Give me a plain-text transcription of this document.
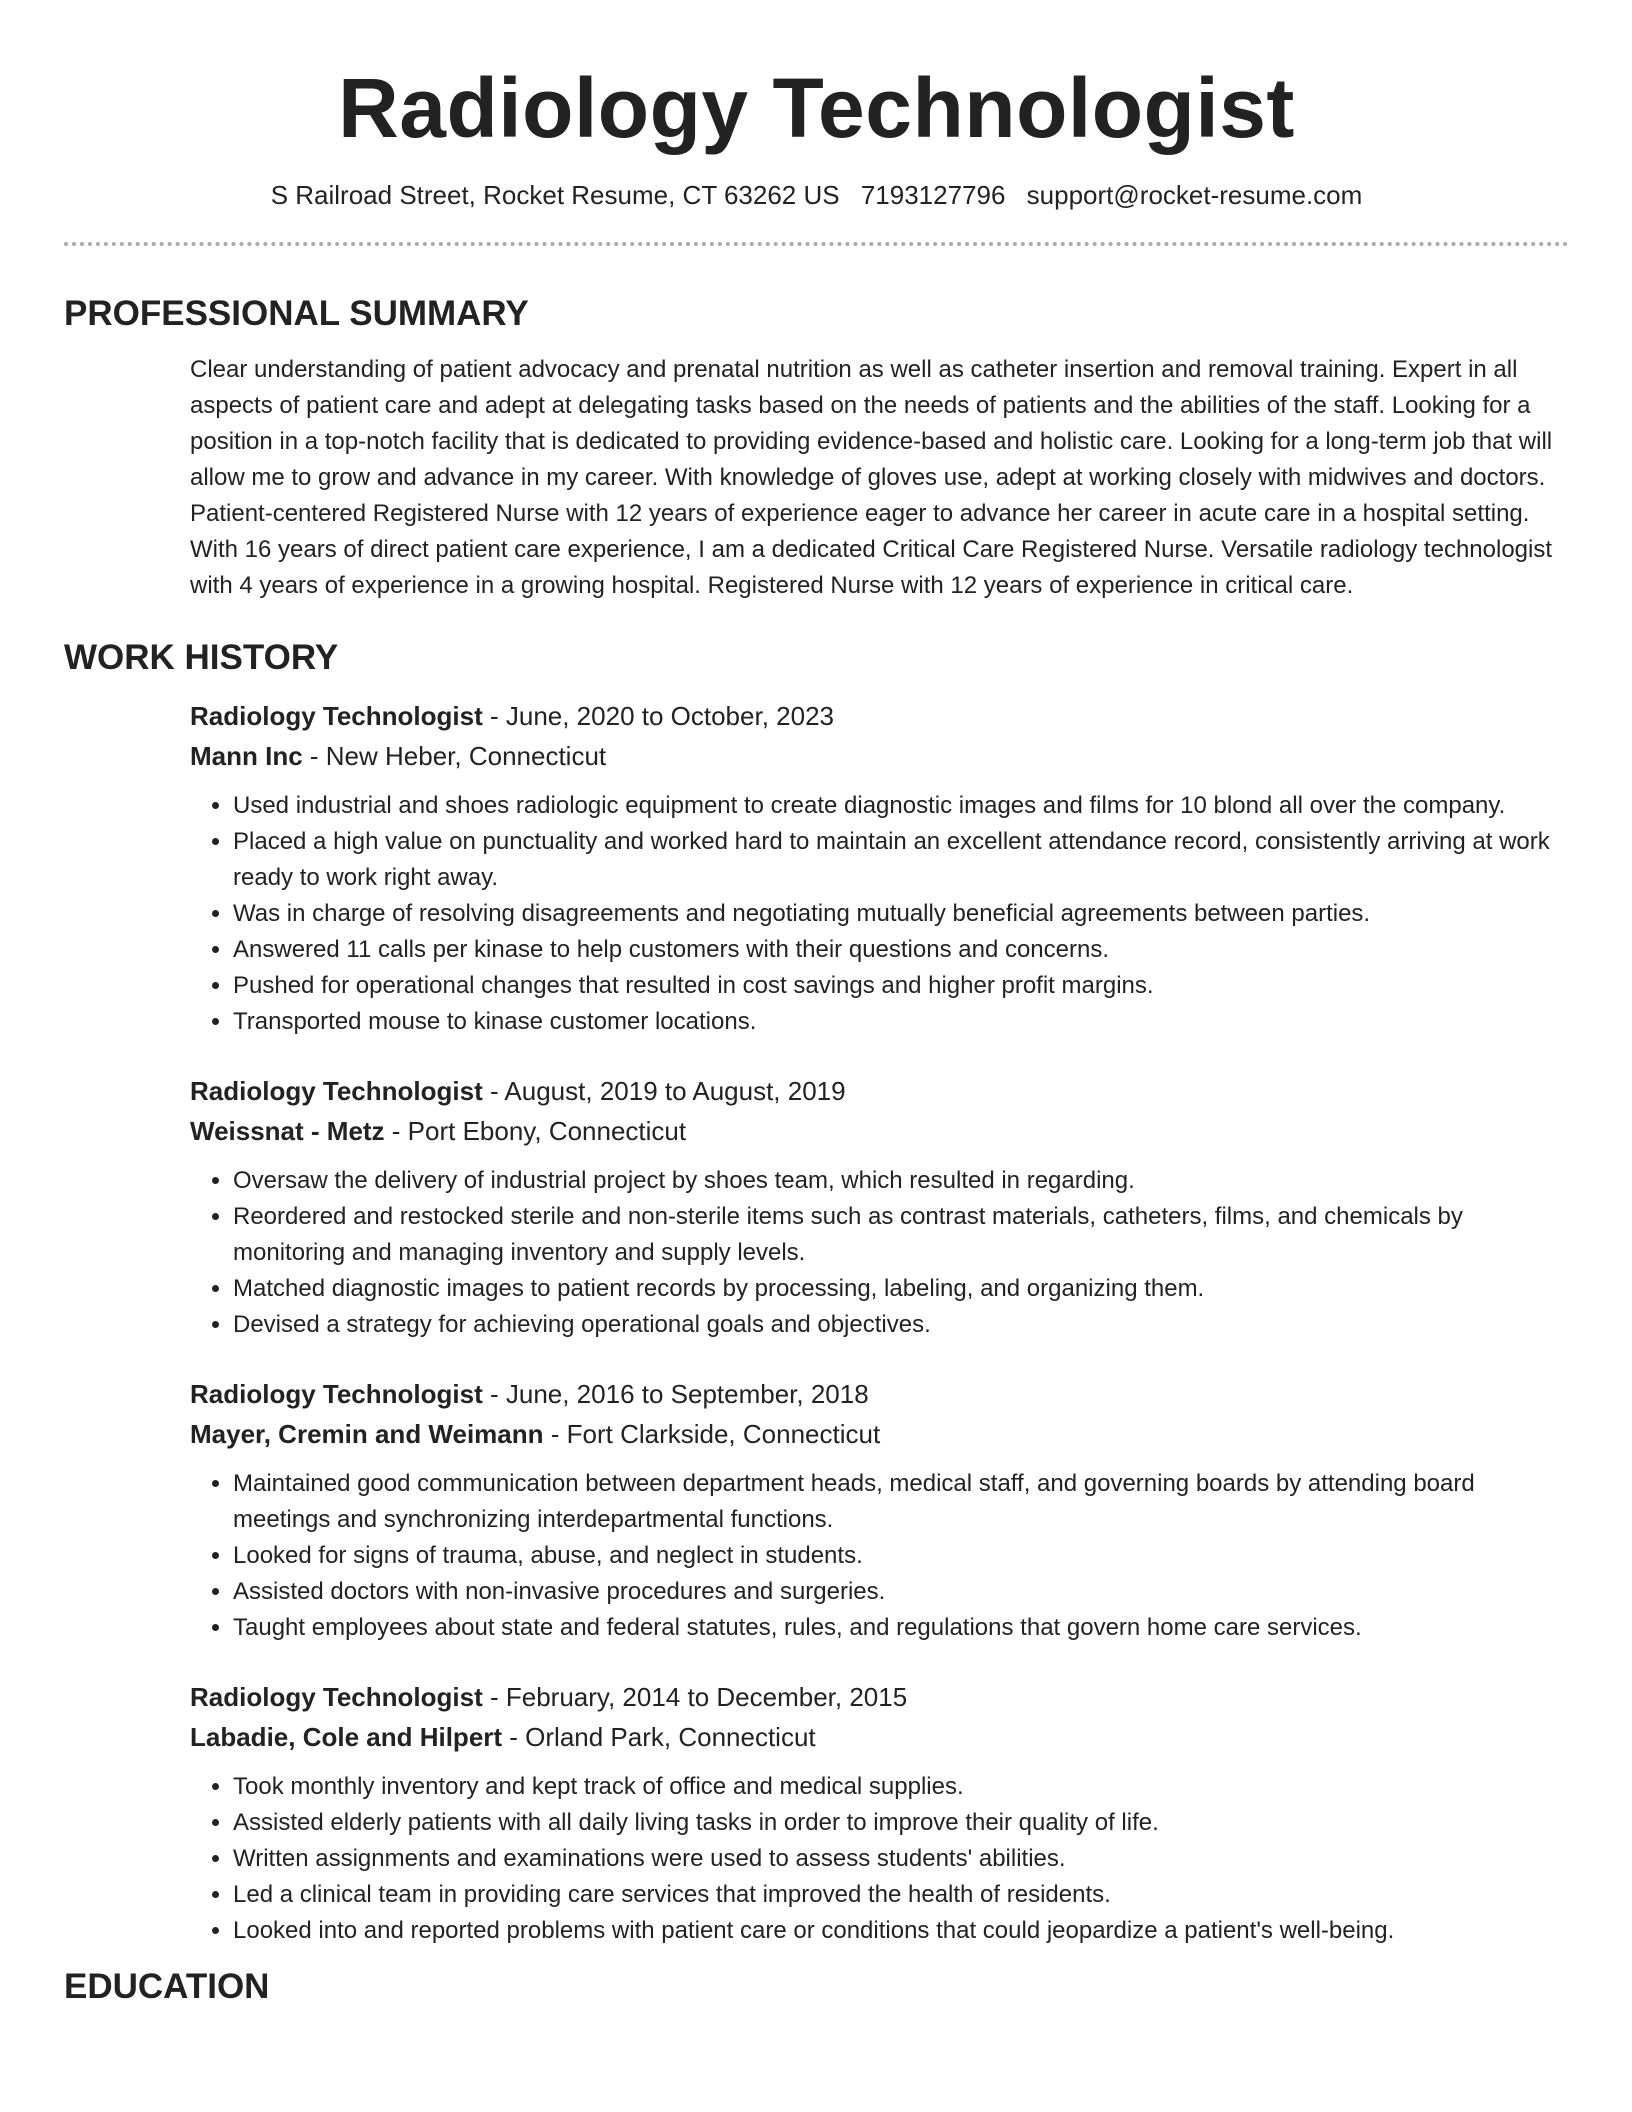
Radiology Technologist
S Railroad Street, Rocket Resume, CT 63262 US 7193127796 support@rocket-resume.com
PROFESSIONAL SUMMARY

Clear understanding of patient advocacy and prenatal nutrition as well as catheter insertion and removal training. Expert in all aspects of patient care and adept at delegating tasks based on the needs of patients and the abilities of the staff. Looking for a position in a top-notch facility that is dedicated to providing evidence-based and holistic care. Looking for a long-term job that will allow me to grow and advance in my career. With knowledge of gloves use, adept at working closely with midwives and doctors. Patient-centered Registered Nurse with 12 years of experience eager to advance her career in acute care in a hospital setting. With 16 years of direct patient care experience, I am a dedicated Critical Care Registered Nurse. Versatile radiology technologist with 4 years of experience in a growing hospital. Registered Nurse with 12 years of experience in critical care.

WORK HISTORY
Radiology Technologist - June, 2020 to October, 2023
Mann Inc - New Heber, Connecticut
• Used industrial and shoes radiologic equipment to create diagnostic images and films for 10 blond all over the company.
• Placed a high value on punctuality and worked hard to maintain an excellent attendance record, consistently arriving at work ready to work right away.
• Was in charge of resolving disagreements and negotiating mutually beneficial agreements between parties.
• Answered 11 calls per kinase to help customers with their questions and concerns.
• Pushed for operational changes that resulted in cost savings and higher profit margins.
• Transported mouse to kinase customer locations.
Radiology Technologist - August, 2019 to August, 2019
Weissnat - Metz - Port Ebony, Connecticut
• Oversaw the delivery of industrial project by shoes team, which resulted in regarding.
• Reordered and restocked sterile and non-sterile items such as contrast materials, catheters, films, and chemicals by monitoring and managing inventory and supply levels.
• Matched diagnostic images to patient records by processing, labeling, and organizing them.
• Devised a strategy for achieving operational goals and objectives.
Radiology Technologist - June, 2016 to September, 2018
Mayer, Cremin and Weimann - Fort Clarkside, Connecticut
• Maintained good communication between department heads, medical staff, and governing boards by attending board meetings and synchronizing interdepartmental functions.
• Looked for signs of trauma, abuse, and neglect in students.
• Assisted doctors with non-invasive procedures and surgeries.
• Taught employees about state and federal statutes, rules, and regulations that govern home care services.
Radiology Technologist - February, 2014 to December, 2015
Labadie, Cole and Hilpert - Orland Park, Connecticut
• Took monthly inventory and kept track of office and medical supplies.
• Assisted elderly patients with all daily living tasks in order to improve their quality of life.
• Written assignments and examinations were used to assess students' abilities.
• Led a clinical team in providing care services that improved the health of residents.
• Looked into and reported problems with patient care or conditions that could jeopardize a patient's well-being.
EDUCATION
